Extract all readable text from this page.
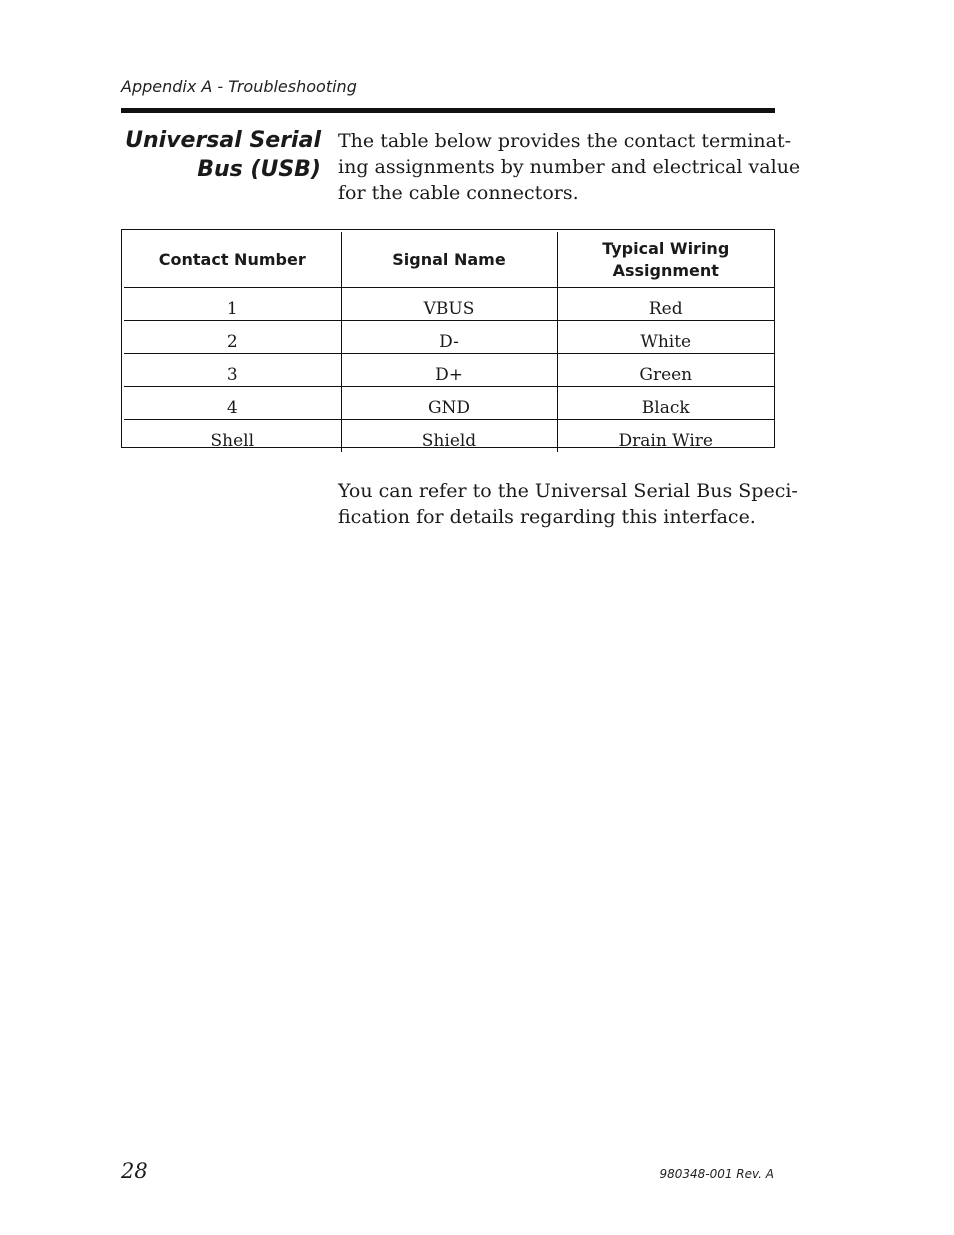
Appendix A - Troubleshooting
Universal Serial
Bus (USB)
The table below provides the contact terminat-
ing assignments by number and electrical value
for the cable connectors.
Contact Number	Signal Name	Typical Wiring
Assignment

1	VBUS	Red
2	D-	White
3	D+	Green
4	GND	Black
Shell	Shield	Drain Wire
You can refer to the Universal Serial Bus Speci-
fication for details regarding this interface.
28	980348-001 Rev. A
